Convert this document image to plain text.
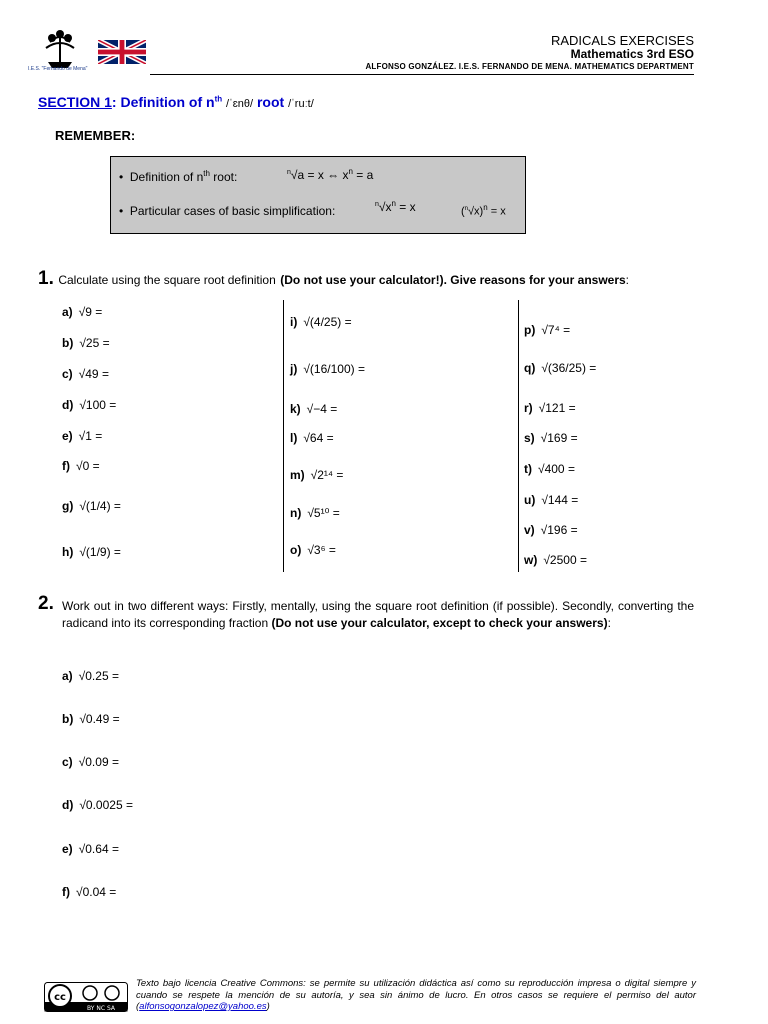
I.E.S. "Fernando de Mena"
RADICALS EXERCISES
Mathematics 3rd ESO
ALFONSO GONZÁLEZ. I.E.S. FERNANDO DE MENA. MATHEMATICS DEPARTMENT
SECTION 1: Definition of $n^{th}$ /ˈɛnθ/ root /ˈruːt/
REMEMBER:
•  Definition of $n^{th}$ root:	$^n$√a = x ⇔ $x^n = a$
•  Particular cases of basic simplification:	$^n√x^n = x$	$(^n√x)^n = x$
1. Calculate using the square root definition (Do not use your calculator!). Give reasons for your answers:
a) √9 =
b) √25 =
c) √49 =
d) √100 =
e) √1 =
f) √0 =
g) √(1/4) =
h) √(1/9) =
i) √(4/25) =
j) √(16/100) =
k) √−4 =
l) √64 =
m) √2¹⁴ =
n) √5¹⁰ =
o) √3⁶ =
p) √7⁴ =
q) √(36/25) =
r) √121 =
s) √169 =
t) √400 =
u) √144 =
v) √196 =
w) √2500 =
2. Work out in two different ways: Firstly, mentally, using the square root definition (if possible). Secondly, converting the radicand into its corresponding fraction (Do not use your calculator, except to check your answers):
a) √0.25 =
b) √0.49 =
c) √0.09 =
d) √0.0025 =
e) √0.64 =
f) √0.04 =
cc
BY NC SA
Texto bajo licencia Creative Commons: se permite su utilización didáctica así como su reproducción impresa o digital siempre y cuando se respete la mención de su autoría, y sea sin ánimo de lucro. En otros casos se requiere el permiso del autor (alfonsogonzalopez@yahoo.es)
